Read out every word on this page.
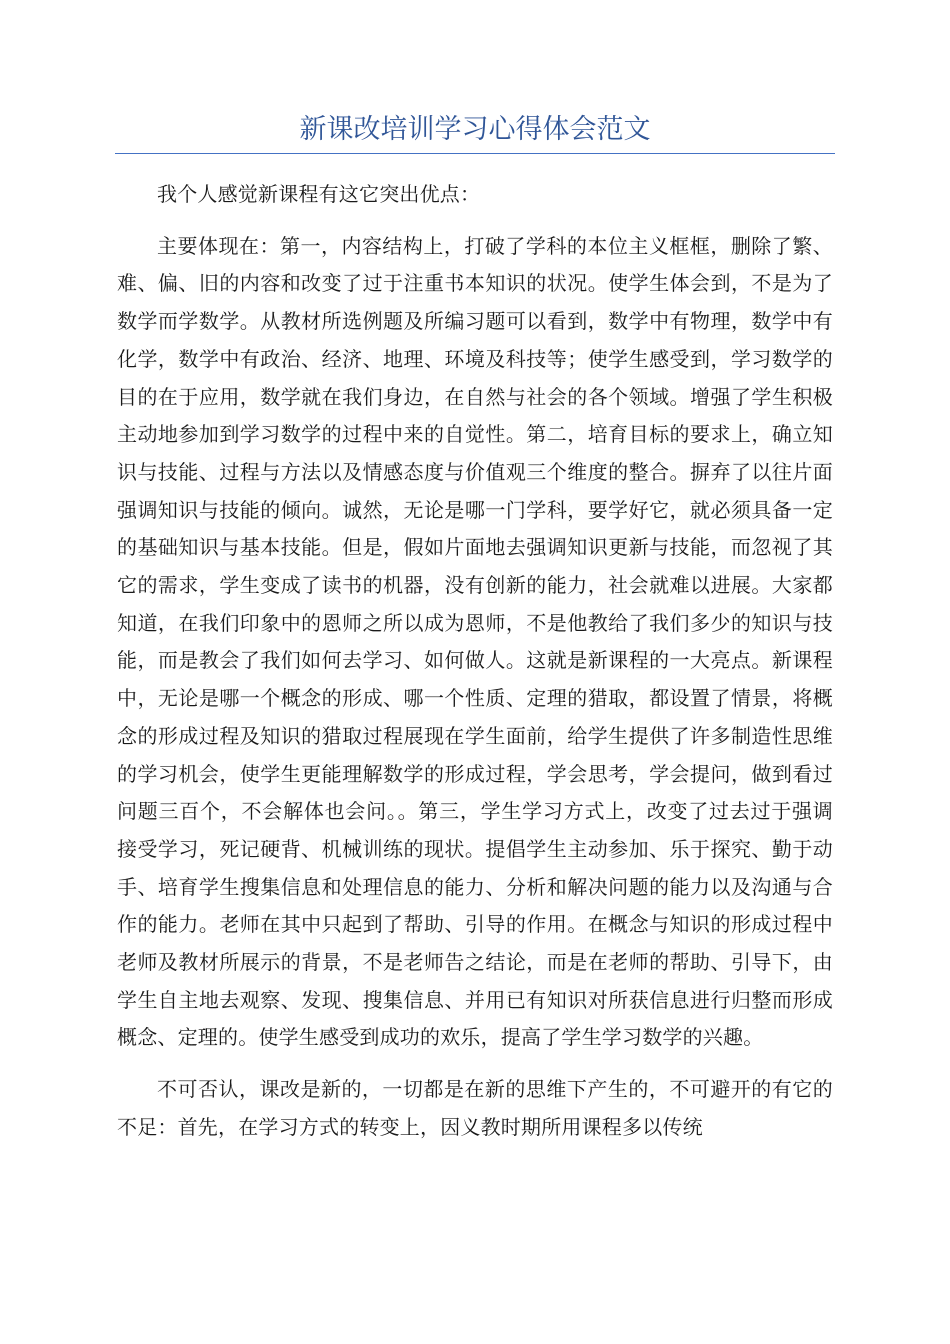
新课改培训学习心得体会范文

我个人感觉新课程有这它突出优点：

主要体现在：第一，内容结构上，打破了学科的本位主义框框，删除了繁、难、偏、旧的内容和改变了过于注重书本知识的状况。使学生体会到，不是为了数学而学数学。从教材所选例题及所编习题可以看到，数学中有物理，数学中有化学，数学中有政治、经济、地理、环境及科技等；使学生感受到，学习数学的目的在于应用，数学就在我们身边，在自然与社会的各个领域。增强了学生积极主动地参加到学习数学的过程中来的自觉性。第二，培育目标的要求上，确立知识与技能、过程与方法以及情感态度与价值观三个维度的整合。摒弃了以往片面强调知识与技能的倾向。诚然，无论是哪一门学科，要学好它，就必须具备一定的基础知识与基本技能。但是，假如片面地去强调知识更新与技能，而忽视了其它的需求，学生变成了读书的机器，没有创新的能力，社会就难以进展。大家都知道，在我们印象中的恩师之所以成为恩师，不是他教给了我们多少的知识与技能，而是教会了我们如何去学习、如何做人。这就是新课程的一大亮点。新课程中，无论是哪一个概念的形成、哪一个性质、定理的猎取，都设置了情景，将概念的形成过程及知识的猎取过程展现在学生面前，给学生提供了许多制造性思维的学习机会，使学生更能理解数学的形成过程，学会思考，学会提问，做到看过问题三百个，不会解体也会问。。第三，学生学习方式上，改变了过去过于强调接受学习，死记硬背、机械训练的现状。提倡学生主动参加、乐于探究、勤于动手、培育学生搜集信息和处理信息的能力、分析和解决问题的能力以及沟通与合作的能力。老师在其中只起到了帮助、引导的作用。在概念与知识的形成过程中老师及教材所展示的背景，不是老师告之结论，而是在老师的帮助、引导下，由学生自主地去观察、发现、搜集信息、并用已有知识对所获信息进行归整而形成概念、定理的。使学生感受到成功的欢乐，提高了学生学习数学的兴趣。

不可否认，课改是新的，一切都是在新的思维下产生的，不可避开的有它的不足：首先，在学习方式的转变上，因义教时期所用课程多以传统
